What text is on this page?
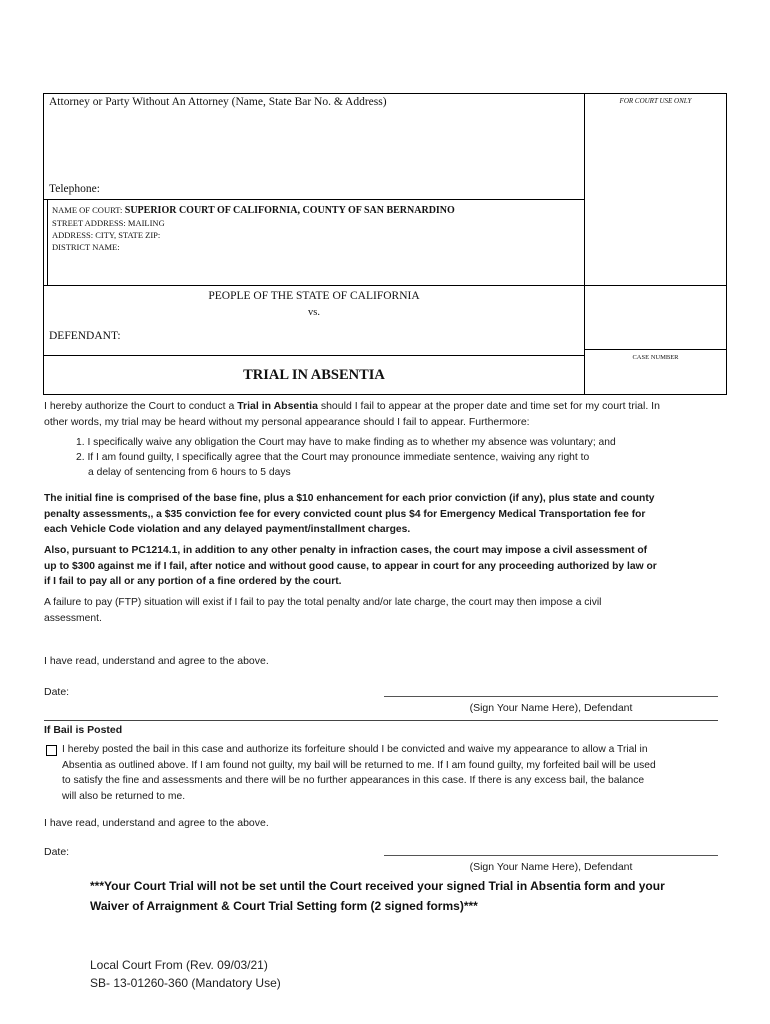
Attorney or Party Without An Attorney (Name, State Bar No. & Address)	FOR COURT USE ONLY
Telephone:
NAME OF COURT: SUPERIOR COURT OF CALIFORNIA, COUNTY OF SAN BERNARDINO
STREET ADDRESS: MAILING
ADDRESS: CITY, STATE ZIP:
DISTRICT NAME:
PEOPLE OF THE STATE OF CALIFORNIA
vs.
DEFENDANT:
CASE NUMBER
TRIAL IN ABSENTIA
I hereby authorize the Court to conduct a Trial in Absentia should I fail to appear at the proper date and time set for my court trial. In
other words, my trial may be heard without my personal appearance should I fail to appear. Furthermore:
1. I specifically waive any obligation the Court may have to make finding as to whether my absence was voluntary; and
2. If I am found guilty, I specifically agree that the Court may pronounce immediate sentence, waiving any right to
a delay of sentencing from 6 hours to 5 days
The initial fine is comprised of the base fine, plus a $10 enhancement for each prior conviction (if any), plus state and county
penalty assessments,, a $35 conviction fee for every convicted count plus $4 for Emergency Medical Transportation fee for
each Vehicle Code violation and any delayed payment/installment charges.
Also, pursuant to PC1214.1, in addition to any other penalty in infraction cases, the court may impose a civil assessment of
up to $300 against me if I fail, after notice and without good cause, to appear in court for any proceeding authorized by law or
if I fail to pay all or any portion of a fine ordered by the court.
A failure to pay (FTP) situation will exist if I fail to pay the total penalty and/or late charge, the court may then impose a civil
assessment.
I have read, understand and agree to the above.
Date:
(Sign Your Name Here), Defendant
If Bail is Posted
I hereby posted the bail in this case and authorize its forfeiture should I be convicted and waive my appearance to allow a Trial in
Absentia as outlined above. If I am found not guilty, my bail will be returned to me. If I am found guilty, my forfeited bail will be used
to satisfy the fine and assessments and there will be no further appearances in this case. If there is any excess bail, the balance
will also be returned to me.
I have read, understand and agree to the above.
Date:
(Sign Your Name Here), Defendant
***Your Court Trial will not be set until the Court received your signed Trial in Absentia form and your
Waiver of Arraignment & Court Trial Setting form (2 signed forms)***
Local Court From (Rev. 09/03/21)
SB- 13-01260-360 (Mandatory Use)
